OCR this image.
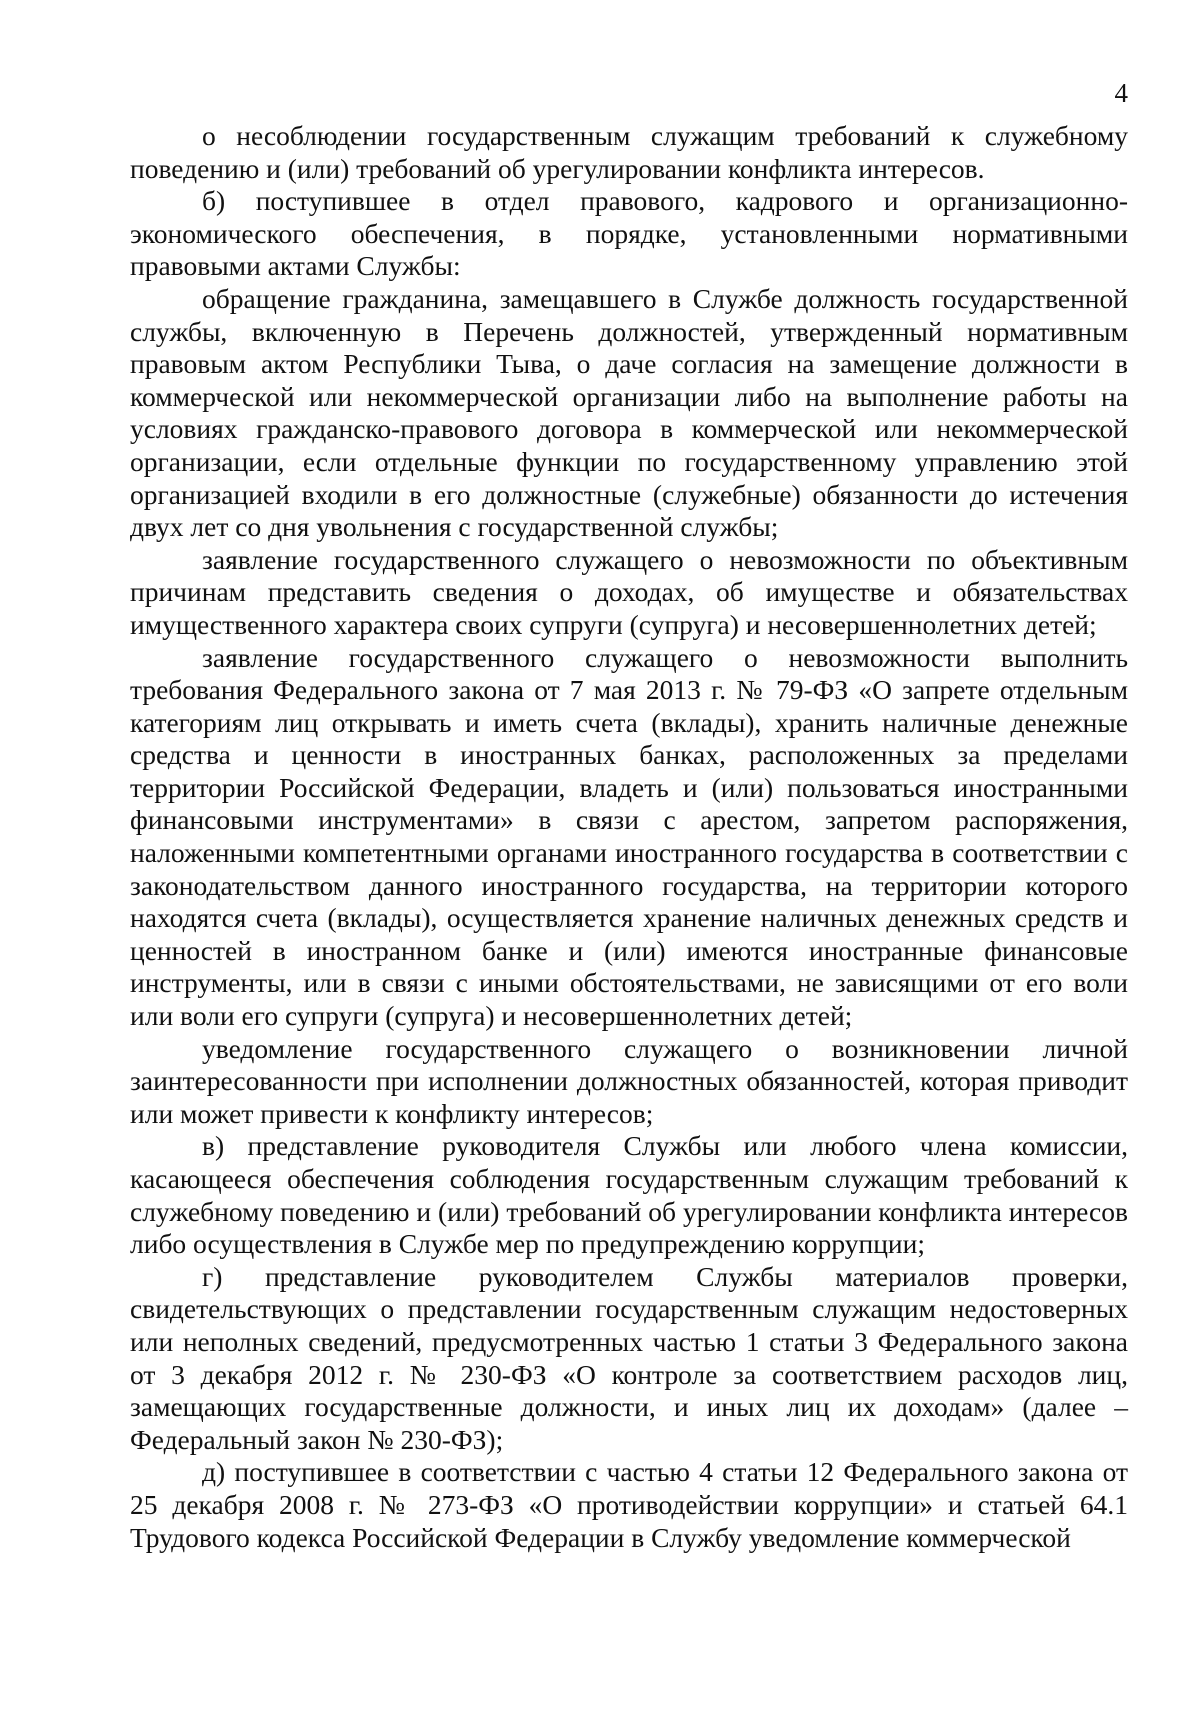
4

о несоблюдении государственным служащим требований к служебному поведению и (или) требований об урегулировании конфликта интересов.

б) поступившее в отдел правового, кадрового и организационно-экономического обеспечения, в порядке, установленными нормативными правовыми актами Службы:

обращение гражданина, замещавшего в Службе должность государственной службы, включенную в Перечень должностей, утвержденный нормативным правовым актом Республики Тыва, о даче согласия на замещение должности в коммерческой или некоммерческой организации либо на выполнение работы на условиях гражданско-правового договора в коммерческой или некоммерческой организации, если отдельные функции по государственному управлению этой организацией входили в его должностные (служебные) обязанности до истечения двух лет со дня увольнения с государственной службы;

заявление государственного служащего о невозможности по объективным причинам представить сведения о доходах, об имуществе и обязательствах имущественного характера своих супруги (супруга) и несовершеннолетних детей;

заявление государственного служащего о невозможности выполнить требования Федерального закона от 7 мая 2013 г. № 79-ФЗ «О запрете отдельным категориям лиц открывать и иметь счета (вклады), хранить наличные денежные средства и ценности в иностранных банках, расположенных за пределами территории Российской Федерации, владеть и (или) пользоваться иностранными финансовыми инструментами» в связи с арестом, запретом распоряжения, наложенными компетентными органами иностранного государства в соответствии с законодательством данного иностранного государства, на территории которого находятся счета (вклады), осуществляется хранение наличных денежных средств и ценностей в иностранном банке и (или) имеются иностранные финансовые инструменты, или в связи с иными обстоятельствами, не зависящими от его воли или воли его супруги (супруга) и несовершеннолетних детей;

уведомление государственного служащего о возникновении личной заинтересованности при исполнении должностных обязанностей, которая приводит или может привести к конфликту интересов;

в) представление руководителя Службы или любого члена комиссии, касающееся обеспечения соблюдения государственным служащим требований к служебному поведению и (или) требований об урегулировании конфликта интересов либо осуществления в Службе мер по предупреждению коррупции;

г) представление руководителем Службы материалов проверки, свидетельствующих о представлении государственным служащим недостоверных или неполных сведений, предусмотренных частью 1 статьи 3 Федерального закона от 3 декабря 2012 г. № 230-ФЗ «О контроле за соответствием расходов лиц, замещающих государственные должности, и иных лиц их доходам» (далее – Федеральный закон № 230-ФЗ);

д) поступившее в соответствии с частью 4 статьи 12 Федерального закона от 25 декабря 2008 г. № 273-ФЗ «О противодействии коррупции» и статьей 64.1 Трудового кодекса Российской Федерации в Службу уведомление коммерческой
